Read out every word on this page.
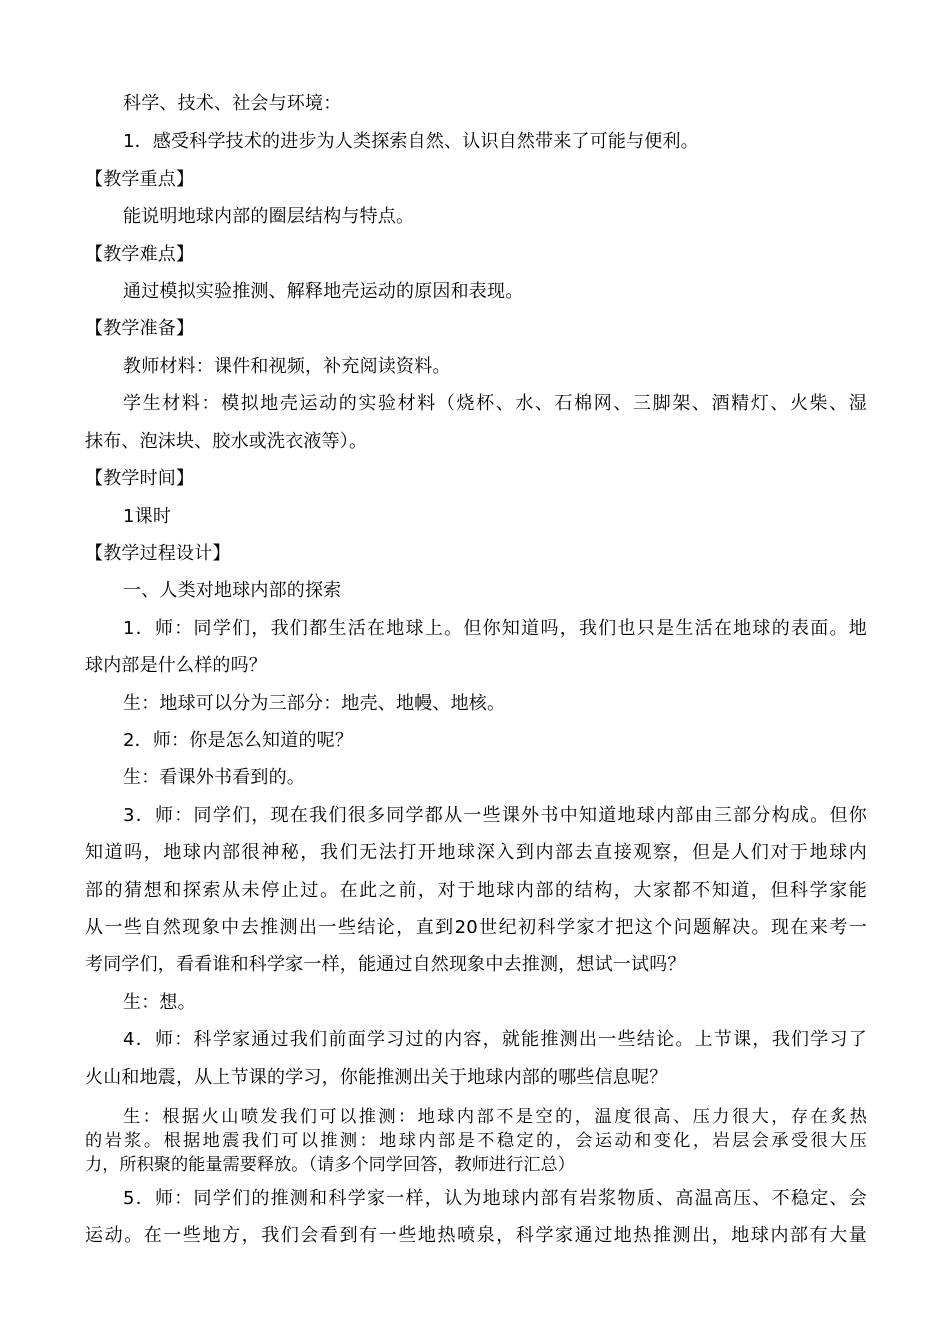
科学、技术、社会与环境：
1．感受科学技术的进步为人类探索自然、认识自然带来了可能与便利。
【教学重点】
能说明地球内部的圈层结构与特点。
【教学难点】
通过模拟实验推测、解释地壳运动的原因和表现。
【教学准备】
教师材料：课件和视频，补充阅读资料。
学生材料：模拟地壳运动的实验材料（烧杯、水、石棉网、三脚架、酒精灯、火柴、湿
抹布、泡沫块、胶水或洗衣液等）。
【教学时间】
1课时
【教学过程设计】
一、人类对地球内部的探索
1．师：同学们，我们都生活在地球上。但你知道吗，我们也只是生活在地球的表面。地
球内部是什么样的吗？
生：地球可以分为三部分：地壳、地幔、地核。
2．师：你是怎么知道的呢？
生：看课外书看到的。
3．师：同学们，现在我们很多同学都从一些课外书中知道地球内部由三部分构成。但你
知道吗，地球内部很神秘，我们无法打开地球深入到内部去直接观察，但是人们对于地球内
部的猜想和探索从未停止过。在此之前，对于地球内部的结构，大家都不知道，但科学家能
从一些自然现象中去推测出一些结论，直到20世纪初科学家才把这个问题解决。现在来考一
考同学们，看看谁和科学家一样，能通过自然现象中去推测，想试一试吗？
生：想。
4．师：科学家通过我们前面学习过的内容，就能推测出一些结论。上节课，我们学习了
火山和地震，从上节课的学习，你能推测出关于地球内部的哪些信息呢？
生：根据火山喷发我们可以推测：地球内部不是空的，温度很高、压力很大，存在炙热
的岩浆。根据地震我们可以推测：地球内部是不稳定的，会运动和变化，岩层会承受很大压
力，所积聚的能量需要释放。（请多个同学回答，教师进行汇总）
5．师：同学们的推测和科学家一样，认为地球内部有岩浆物质、高温高压、不稳定、会
运动。在一些地方，我们会看到有一些地热喷泉，科学家通过地热推测出，地球内部有大量
